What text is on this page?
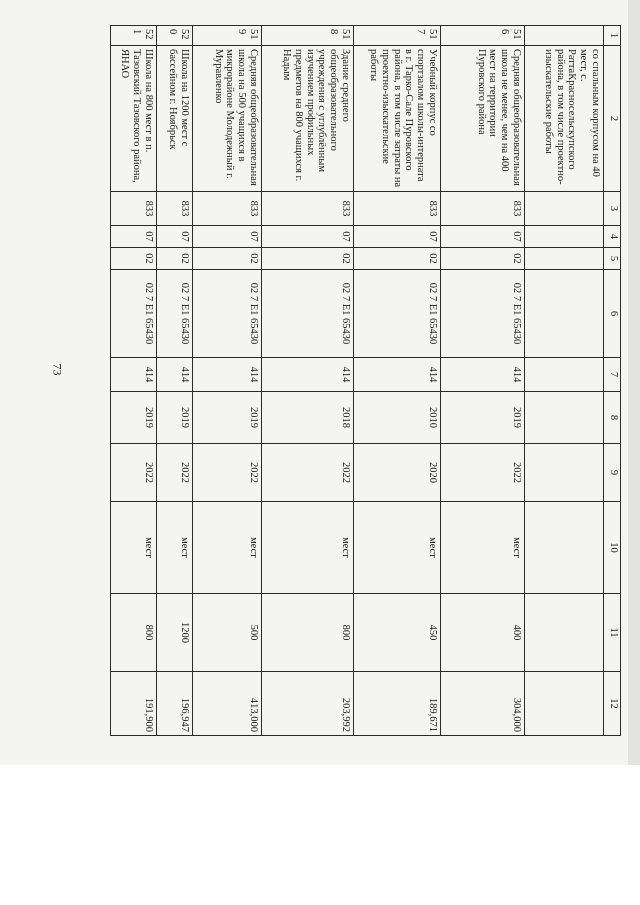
73
1	2	3	4	5	6	7	8	9	10	11	12
	со спальным корпусом на 40 мест, с. РаттаКрасносельскупского района, в том числе проектно-изыскательские работы										
516	Средняя общеобразовательная школа не менее, чем на 400 мест на территории Пуровского района	833	07	02	02 7 E1 65430	414	2019	2022	мест	400	304,000
517	Учебный корпус со спортзалом школы-интерната в г. Тарко-Сале Пуровского района, в том числе затраты на проектно-изыскательские работы	833	07	02	02 7 E1 65430	414	2010	2020	мест	450	189,671
518	Здание среднего общеобразовательного учреждения с углублённым изучением профильных предметов на 800 учащихся г. Надым	833	07	02	02 7 E1 65430	414	2018	2022	мест	800	203,992
519	Средняя общеобразовательная школа на 500 учащихся в микрорайоне Молодежный г. Муравленко	833	07	02	02 7 E1 65430	414	2019	2022	мест	500	413,000
520	Школа на 1200 мест с бассейном г. Ноябрьск	833	07	02	02 7 E1 65430	414	2019	2022	мест	1200	196,947
521	Школа на 800 мест в п. Тазовский Тазовского района, ЯНАО	833	07	02	02 7 E1 65430	414	2019	2022	мест	800	191,900
